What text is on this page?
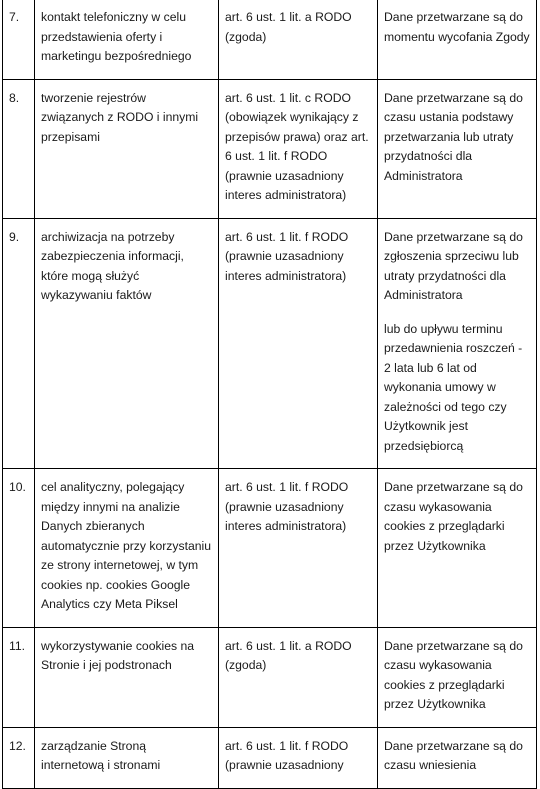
7.	kontakt telefoniczny w celu przedstawienia oferty i marketingu bezpośredniego	art. 6 ust. 1 lit. a RODO (zgoda)	Dane przetwarzane są do momentu wycofania Zgody

8.	tworzenie rejestrów związanych z RODO i innymi przepisami	art. 6 ust. 1 lit. c RODO (obowiązek wynikający z przepisów prawa) oraz art. 6 ust. 1 lit. f RODO (prawnie uzasadniony interes administratora)	Dane przetwarzane są do czasu ustania podstawy przetwarzania lub utraty przydatności dla Administratora

9.	archiwizacja na potrzeby zabezpieczenia informacji, które mogą służyć wykazywaniu faktów	art. 6 ust. 1 lit. f RODO (prawnie uzasadniony interes administratora)	Dane przetwarzane są do zgłoszenia sprzeciwu lub utraty przydatności dla Administratora
lub do upływu terminu przedawnienia roszczeń - 2 lata lub 6 lat od wykonania umowy w zależności od tego czy Użytkownik jest przedsiębiorcą

10.	cel analityczny, polegający między innymi na analizie Danych zbieranych automatycznie przy korzystaniu ze strony internetowej, w tym cookies np. cookies Google Analytics czy Meta Piksel	art. 6 ust. 1 lit. f RODO (prawnie uzasadniony interes administratora)	Dane przetwarzane są do czasu wykasowania cookies z przeglądarki przez Użytkownika

11.	wykorzystywanie cookies na Stronie i jej podstronach	art. 6 ust. 1 lit. a RODO (zgoda)	Dane przetwarzane są do czasu wykasowania cookies z przeglądarki przez Użytkownika

12.	zarządzanie Stroną internetową i stronami	art. 6 ust. 1 lit. f RODO (prawnie uzasadniony	Dane przetwarzane są do czasu wniesienia
